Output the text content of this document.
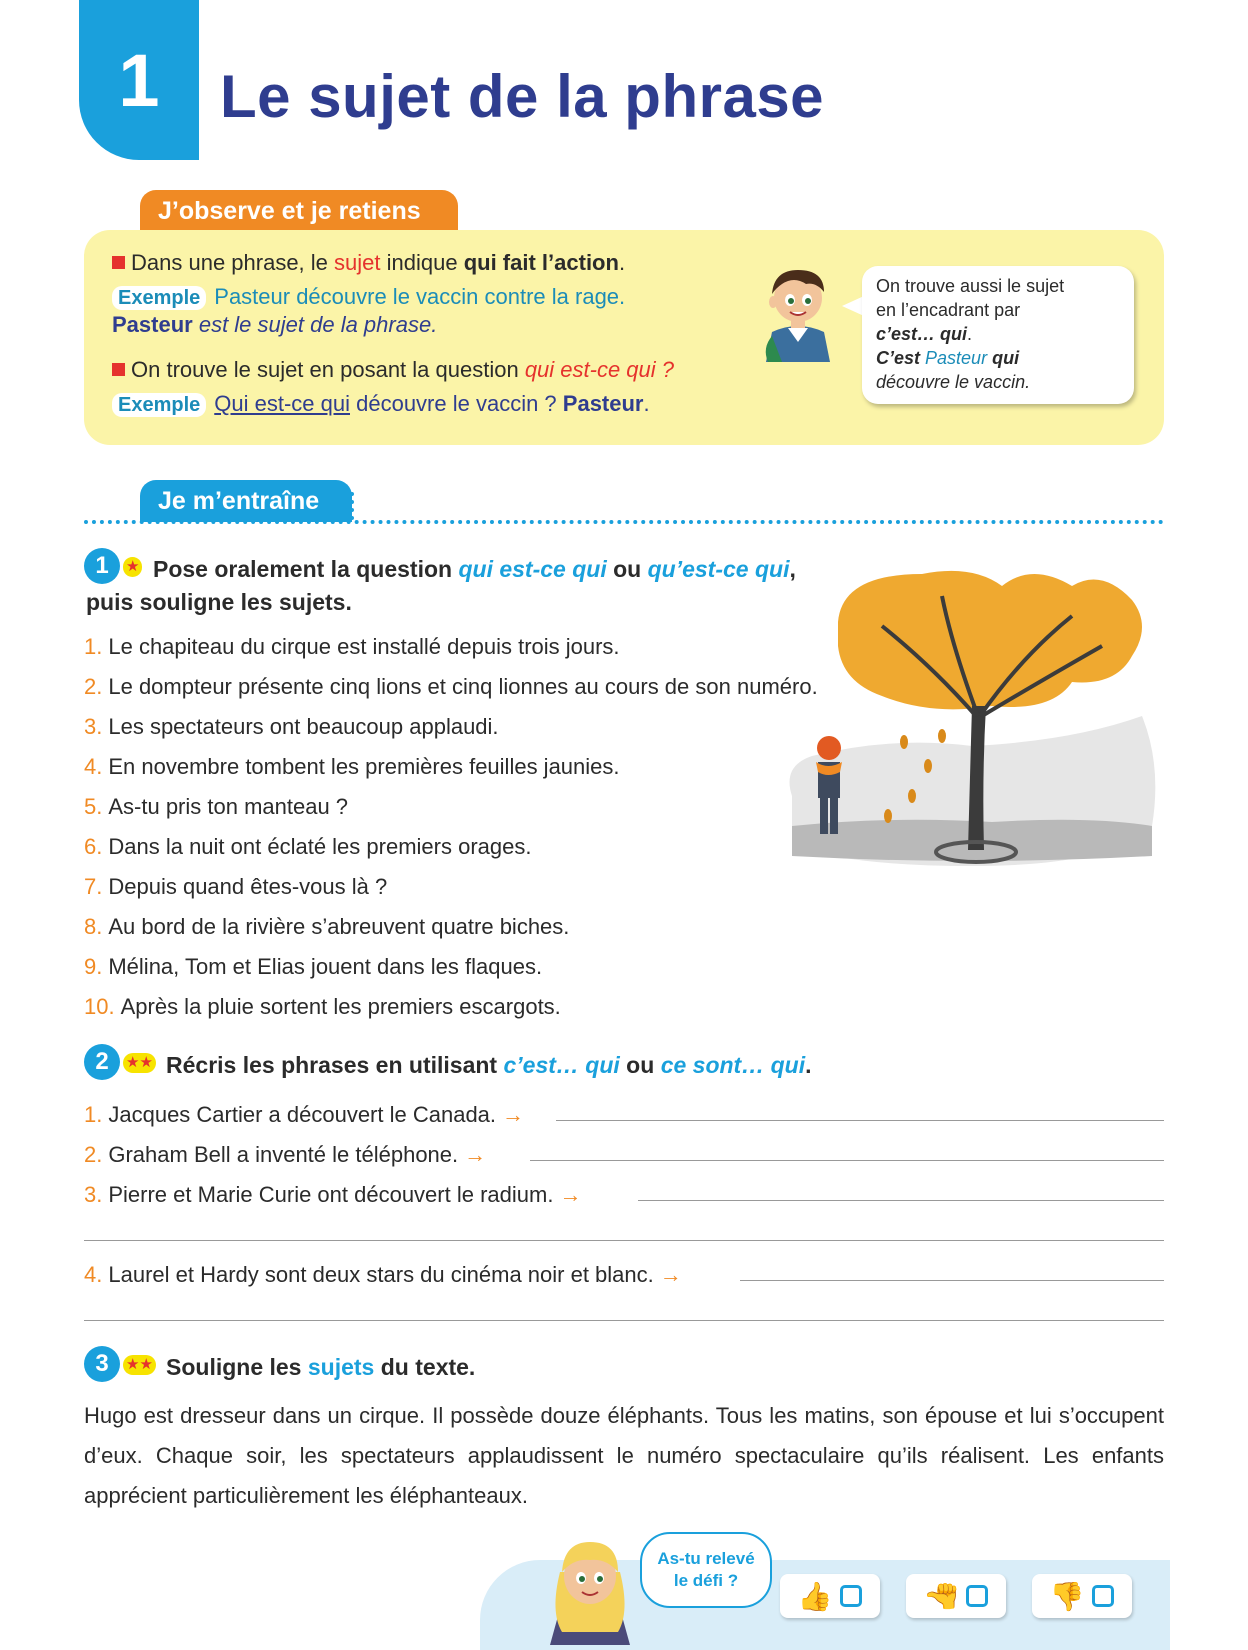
1 Le sujet de la phrase
J’observe et je retiens
Dans une phrase, le sujet indique qui fait l’action.
Exemple Pasteur découvre le vaccin contre la rage.
Pasteur est le sujet de la phrase.
On trouve le sujet en posant la question qui est-ce qui ?
Exemple Qui est-ce qui découvre le vaccin ? Pasteur.
On trouve aussi le sujet
en l’encadrant par
c’est… qui.
C’est Pasteur qui
découvre le vaccin.
Je m’entraîne
1	★ Pose oralement la question qui est-ce qui ou qu’est-ce qui,
puis souligne les sujets.
1. Le chapiteau du cirque est installé depuis trois jours.
2. Le dompteur présente cinq lions et cinq lionnes au cours de son numéro.
3. Les spectateurs ont beaucoup applaudi.
4. En novembre tombent les premières feuilles jaunies.
5. As-tu pris ton manteau ?
6. Dans la nuit ont éclaté les premiers orages.
7. Depuis quand êtes-vous là ?
8. Au bord de la rivière s’abreuvent quatre biches.
9. Mélina, Tom et Elias jouent dans les flaques.
10. Après la pluie sortent les premiers escargots.
2	★★ Récris les phrases en utilisant c’est… qui ou ce sont… qui.
1. Jacques Cartier a découvert le Canada. →
2. Graham Bell a inventé le téléphone. →
3. Pierre et Marie Curie ont découvert le radium. →
4. Laurel et Hardy sont deux stars du cinéma noir et blanc. →
3	★★ Souligne les sujets du texte.
Hugo est dresseur dans un cirque. Il possède douze éléphants. Tous les matins, son épouse et lui s’occupent d’eux. Chaque soir, les spectateurs applaudissent le numéro spectaculaire qu’ils réalisent. Les enfants apprécient particulièrement les éléphanteaux.
As-tu relevé
le défi ? 👍	👍	👎
